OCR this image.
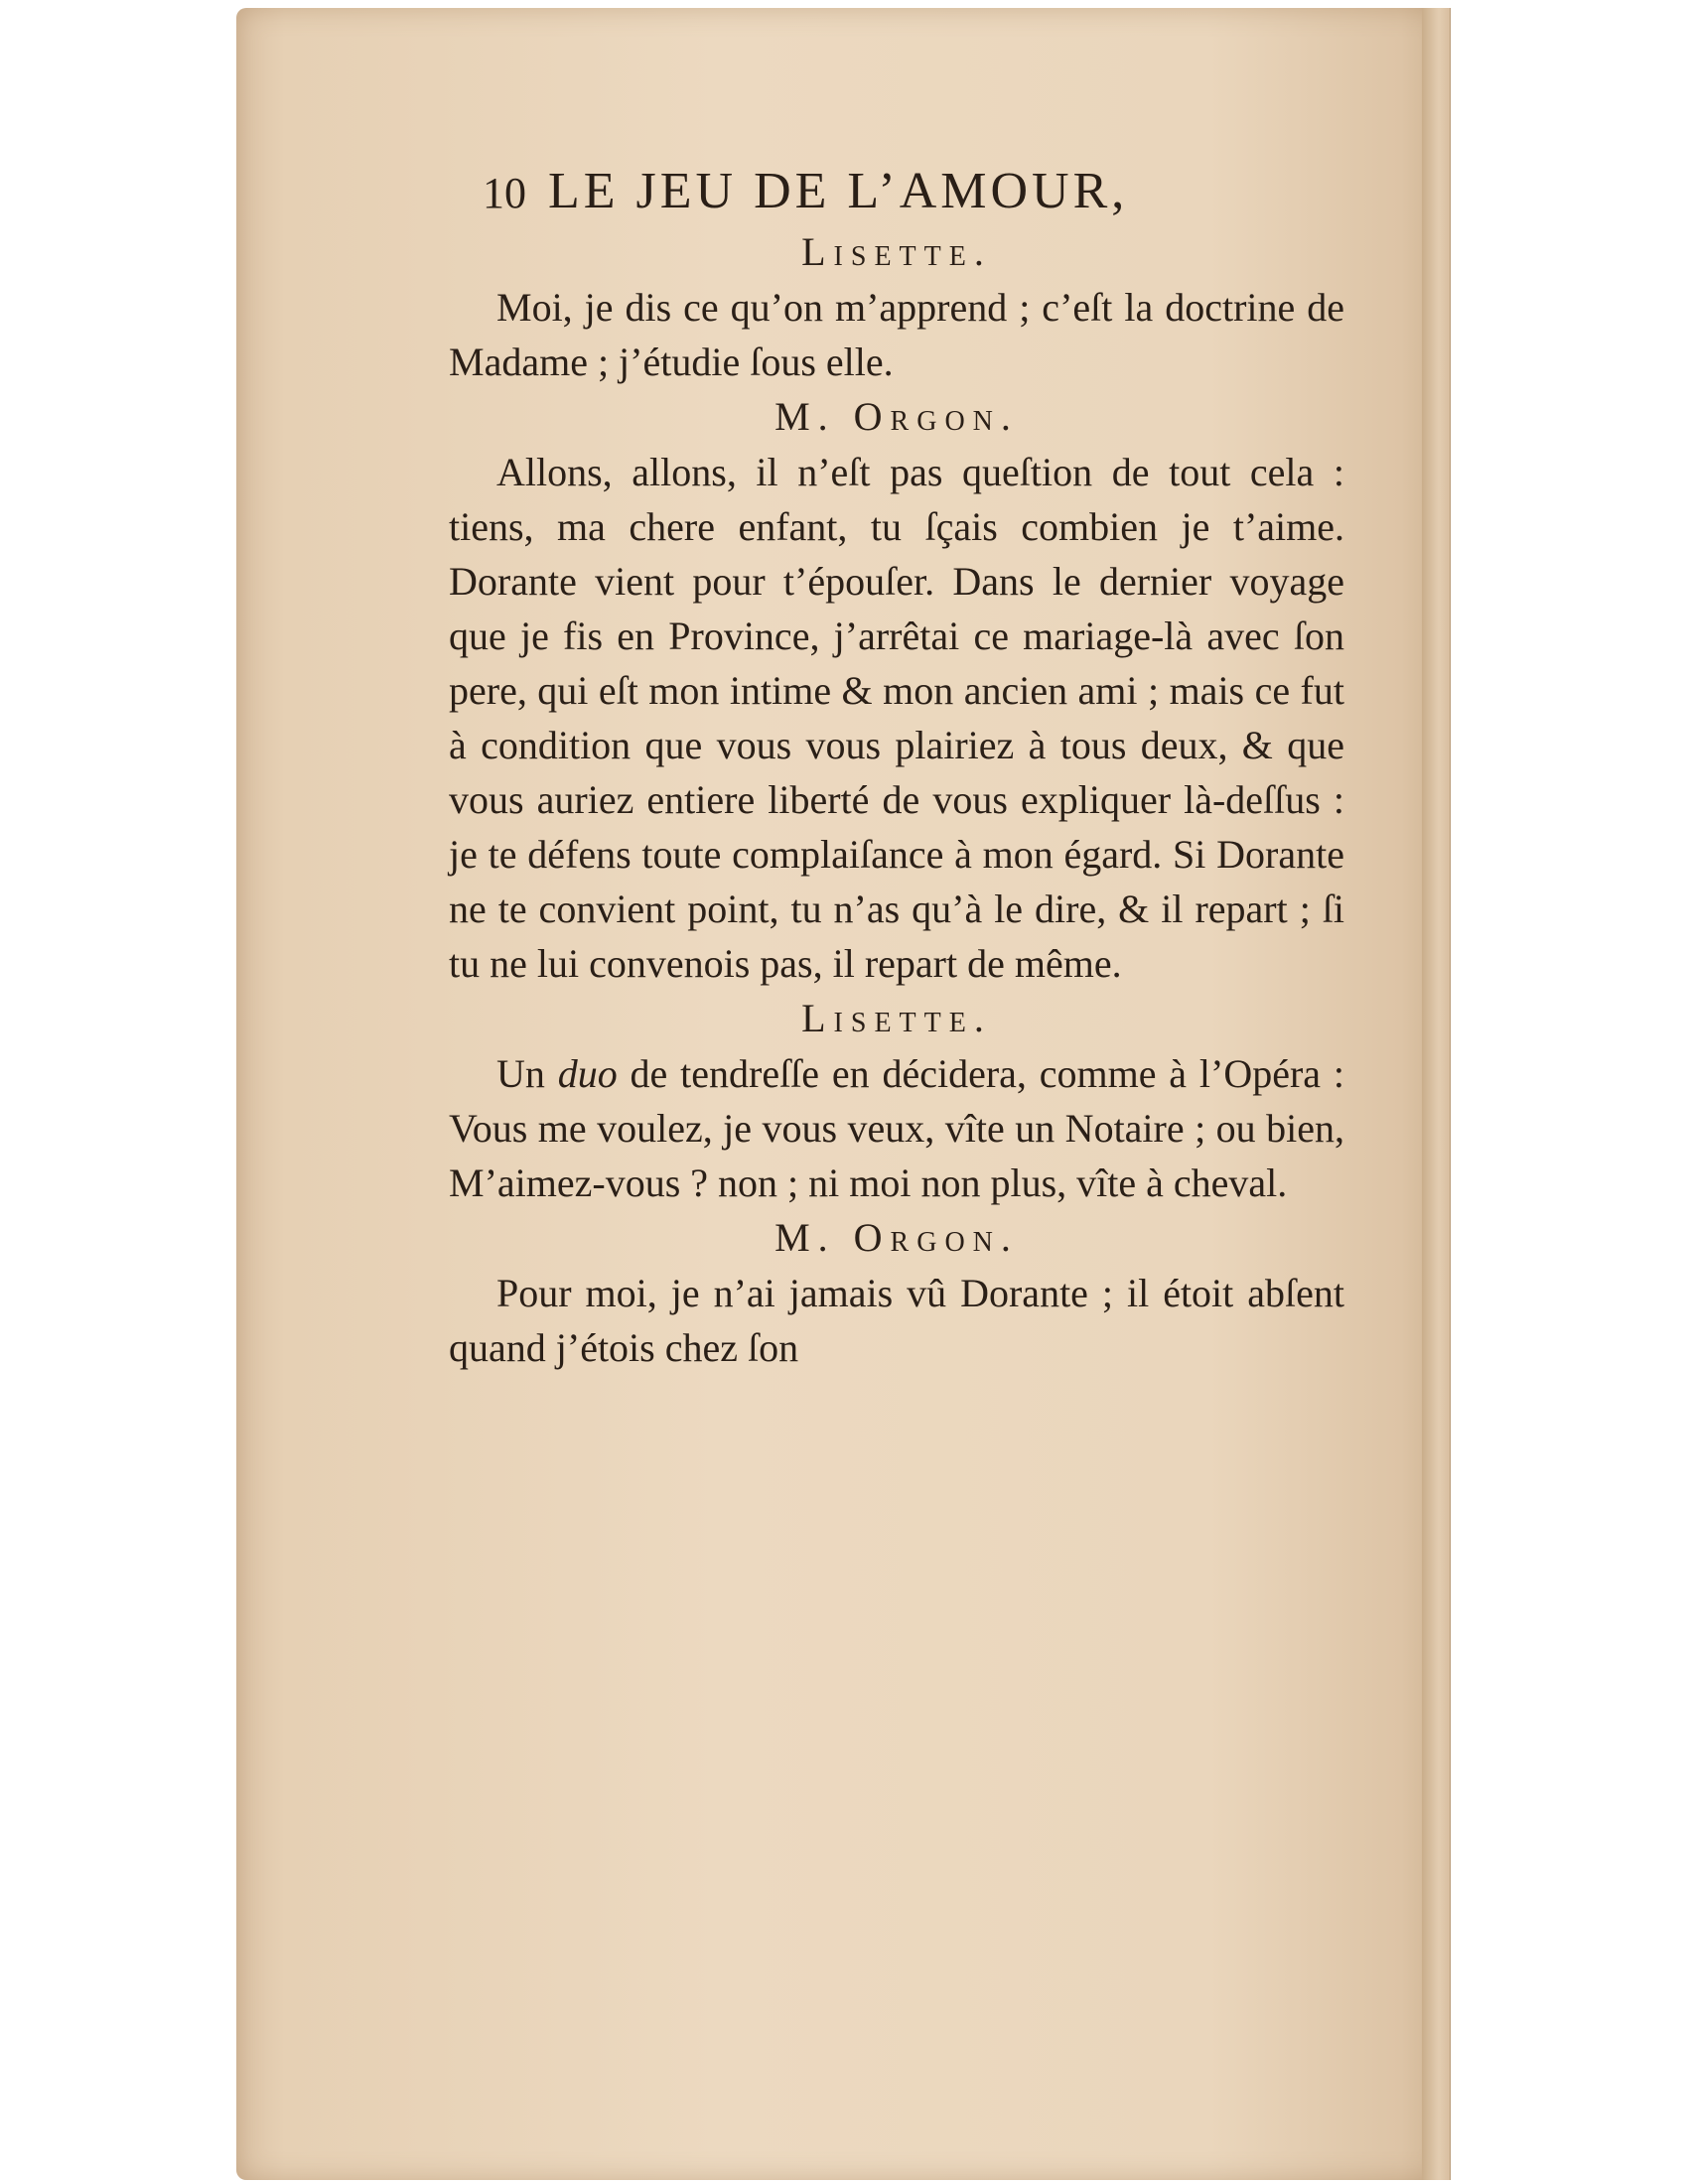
10 LE JEU DE L’AMOUR,
Lisette.

Moi, je dis ce qu’on m’apprend ; c’eſt la doctrine de Madame ; j’étudie ſous elle.

M. Orgon.

Allons, allons, il n’eſt pas queſtion de tout cela : tiens, ma chere enfant, tu ſçais combien je t’aime. Dorante vient pour t’épouſer. Dans le dernier voyage que je fis en Province, j’arrêtai ce mariage-là avec ſon pere, qui eſt mon intime & mon ancien ami ; mais ce fut à condition que vous vous plairiez à tous deux, & que vous auriez entiere liberté de vous expliquer là-deſſus : je te défens toute complaiſance à mon égard. Si Dorante ne te convient point, tu n’as qu’à le dire, & il repart ; ſi tu ne lui convenois pas, il repart de même.

Lisette.

Un duo de tendreſſe en décidera, comme à l’Opéra : Vous me voulez, je vous veux, vîte un Notaire ; ou bien, M’aimez-vous ? non ; ni moi non plus, vîte à cheval.

M. Orgon.

Pour moi, je n’ai jamais vû Dorante ; il étoit abſent quand j’étois chez ſon
